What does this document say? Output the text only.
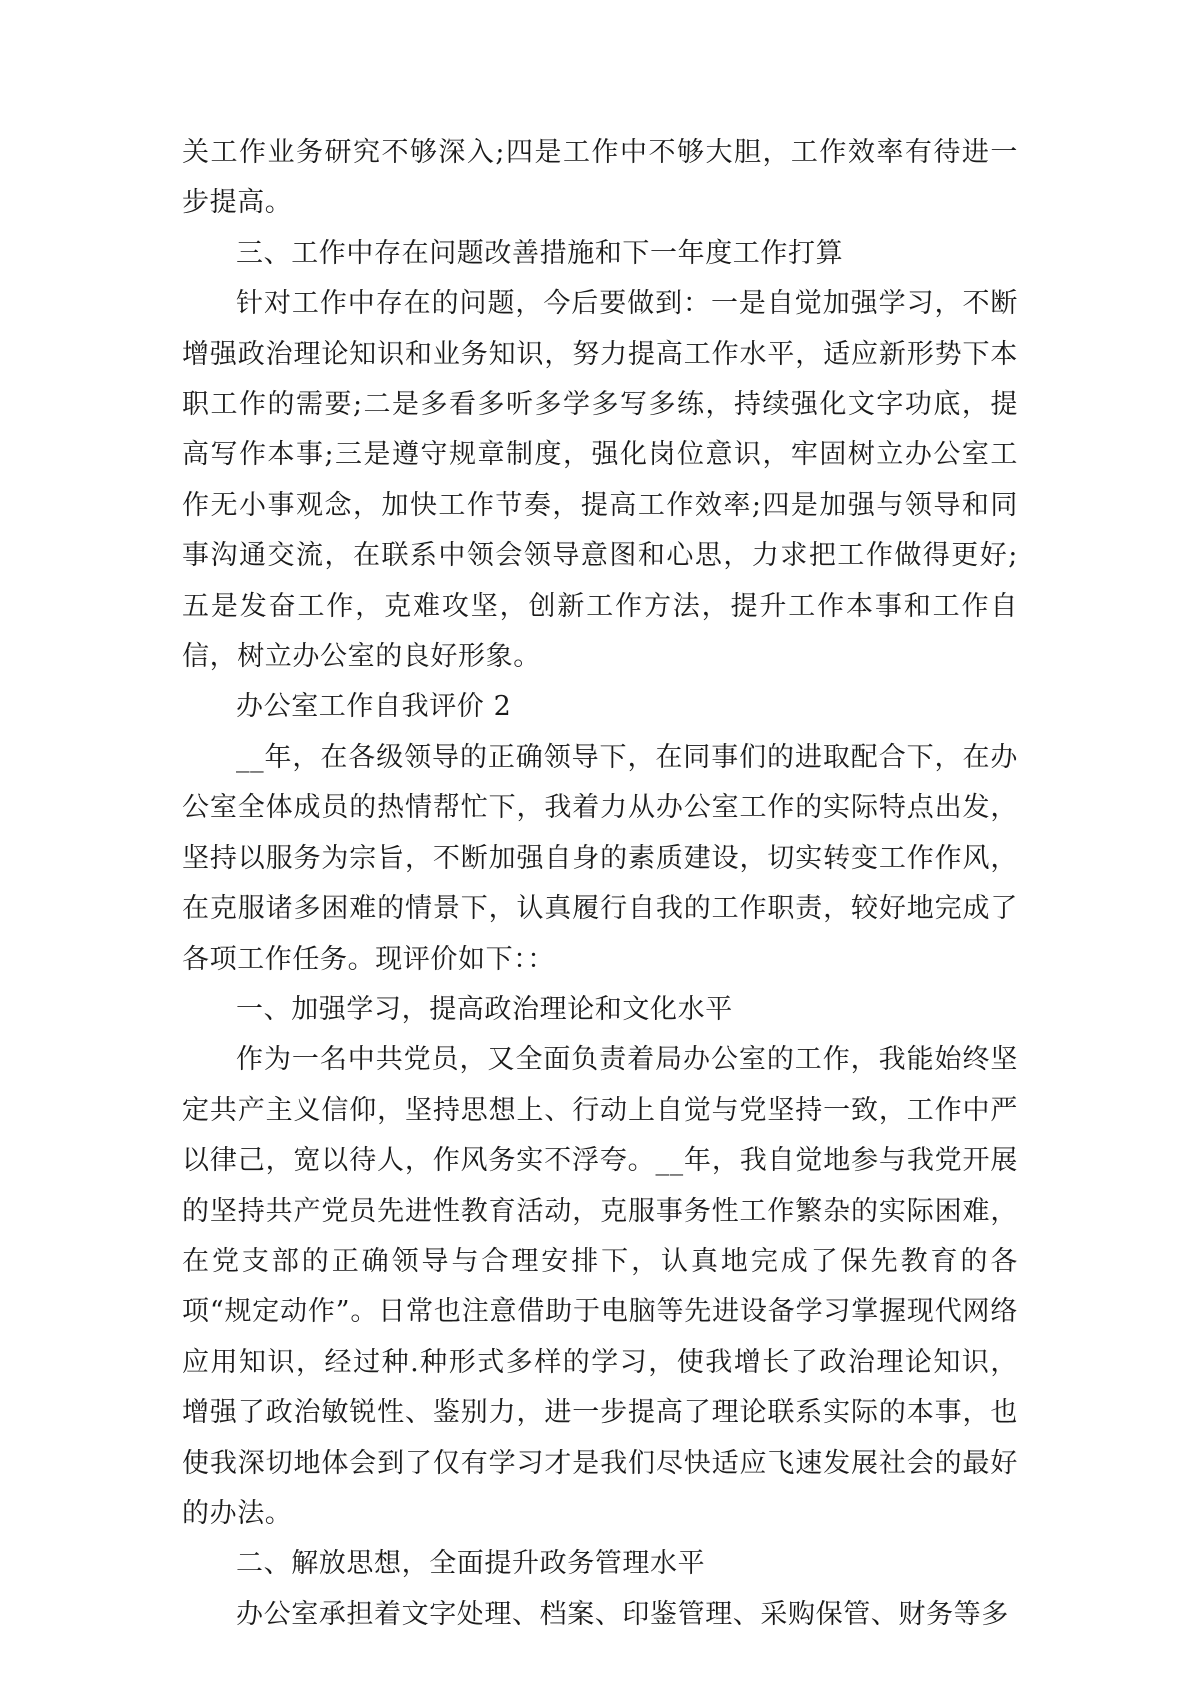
关工作业务研究不够深入;四是工作中不够大胆，工作效率有待进一步提高。

三、工作中存在问题改善措施和下一年度工作打算

针对工作中存在的问题，今后要做到：一是自觉加强学习，不断增强政治理论知识和业务知识，努力提高工作水平，适应新形势下本职工作的需要;二是多看多听多学多写多练，持续强化文字功底，提高写作本事;三是遵守规章制度，强化岗位意识，牢固树立办公室工作无小事观念，加快工作节奏，提高工作效率;四是加强与领导和同事沟通交流，在联系中领会领导意图和心思，力求把工作做得更好;五是发奋工作，克难攻坚，创新工作方法，提升工作本事和工作自信，树立办公室的良好形象。

办公室工作自我评价 2

__年，在各级领导的正确领导下，在同事们的进取配合下，在办公室全体成员的热情帮忙下，我着力从办公室工作的实际特点出发，坚持以服务为宗旨，不断加强自身的素质建设，切实转变工作作风，在克服诸多困难的情景下，认真履行自我的工作职责，较好地完成了各项工作任务。现评价如下：：

一、加强学习，提高政治理论和文化水平

作为一名中共党员，又全面负责着局办公室的工作，我能始终坚定共产主义信仰，坚持思想上、行动上自觉与党坚持一致，工作中严以律己，宽以待人，作风务实不浮夸。__年，我自觉地参与我党开展的坚持共产党员先进性教育活动，克服事务性工作繁杂的实际困难，在党支部的正确领导与合理安排下，认真地完成了保先教育的各项“规定动作”。日常也注意借助于电脑等先进设备学习掌握现代网络应用知识，经过种.种形式多样的学习，使我增长了政治理论知识，增强了政治敏锐性、鉴别力，进一步提高了理论联系实际的本事，也使我深切地体会到了仅有学习才是我们尽快适应飞速发展社会的最好的办法。

二、解放思想，全面提升政务管理水平

办公室承担着文字处理、档案、印鉴管理、采购保管、财务等多
